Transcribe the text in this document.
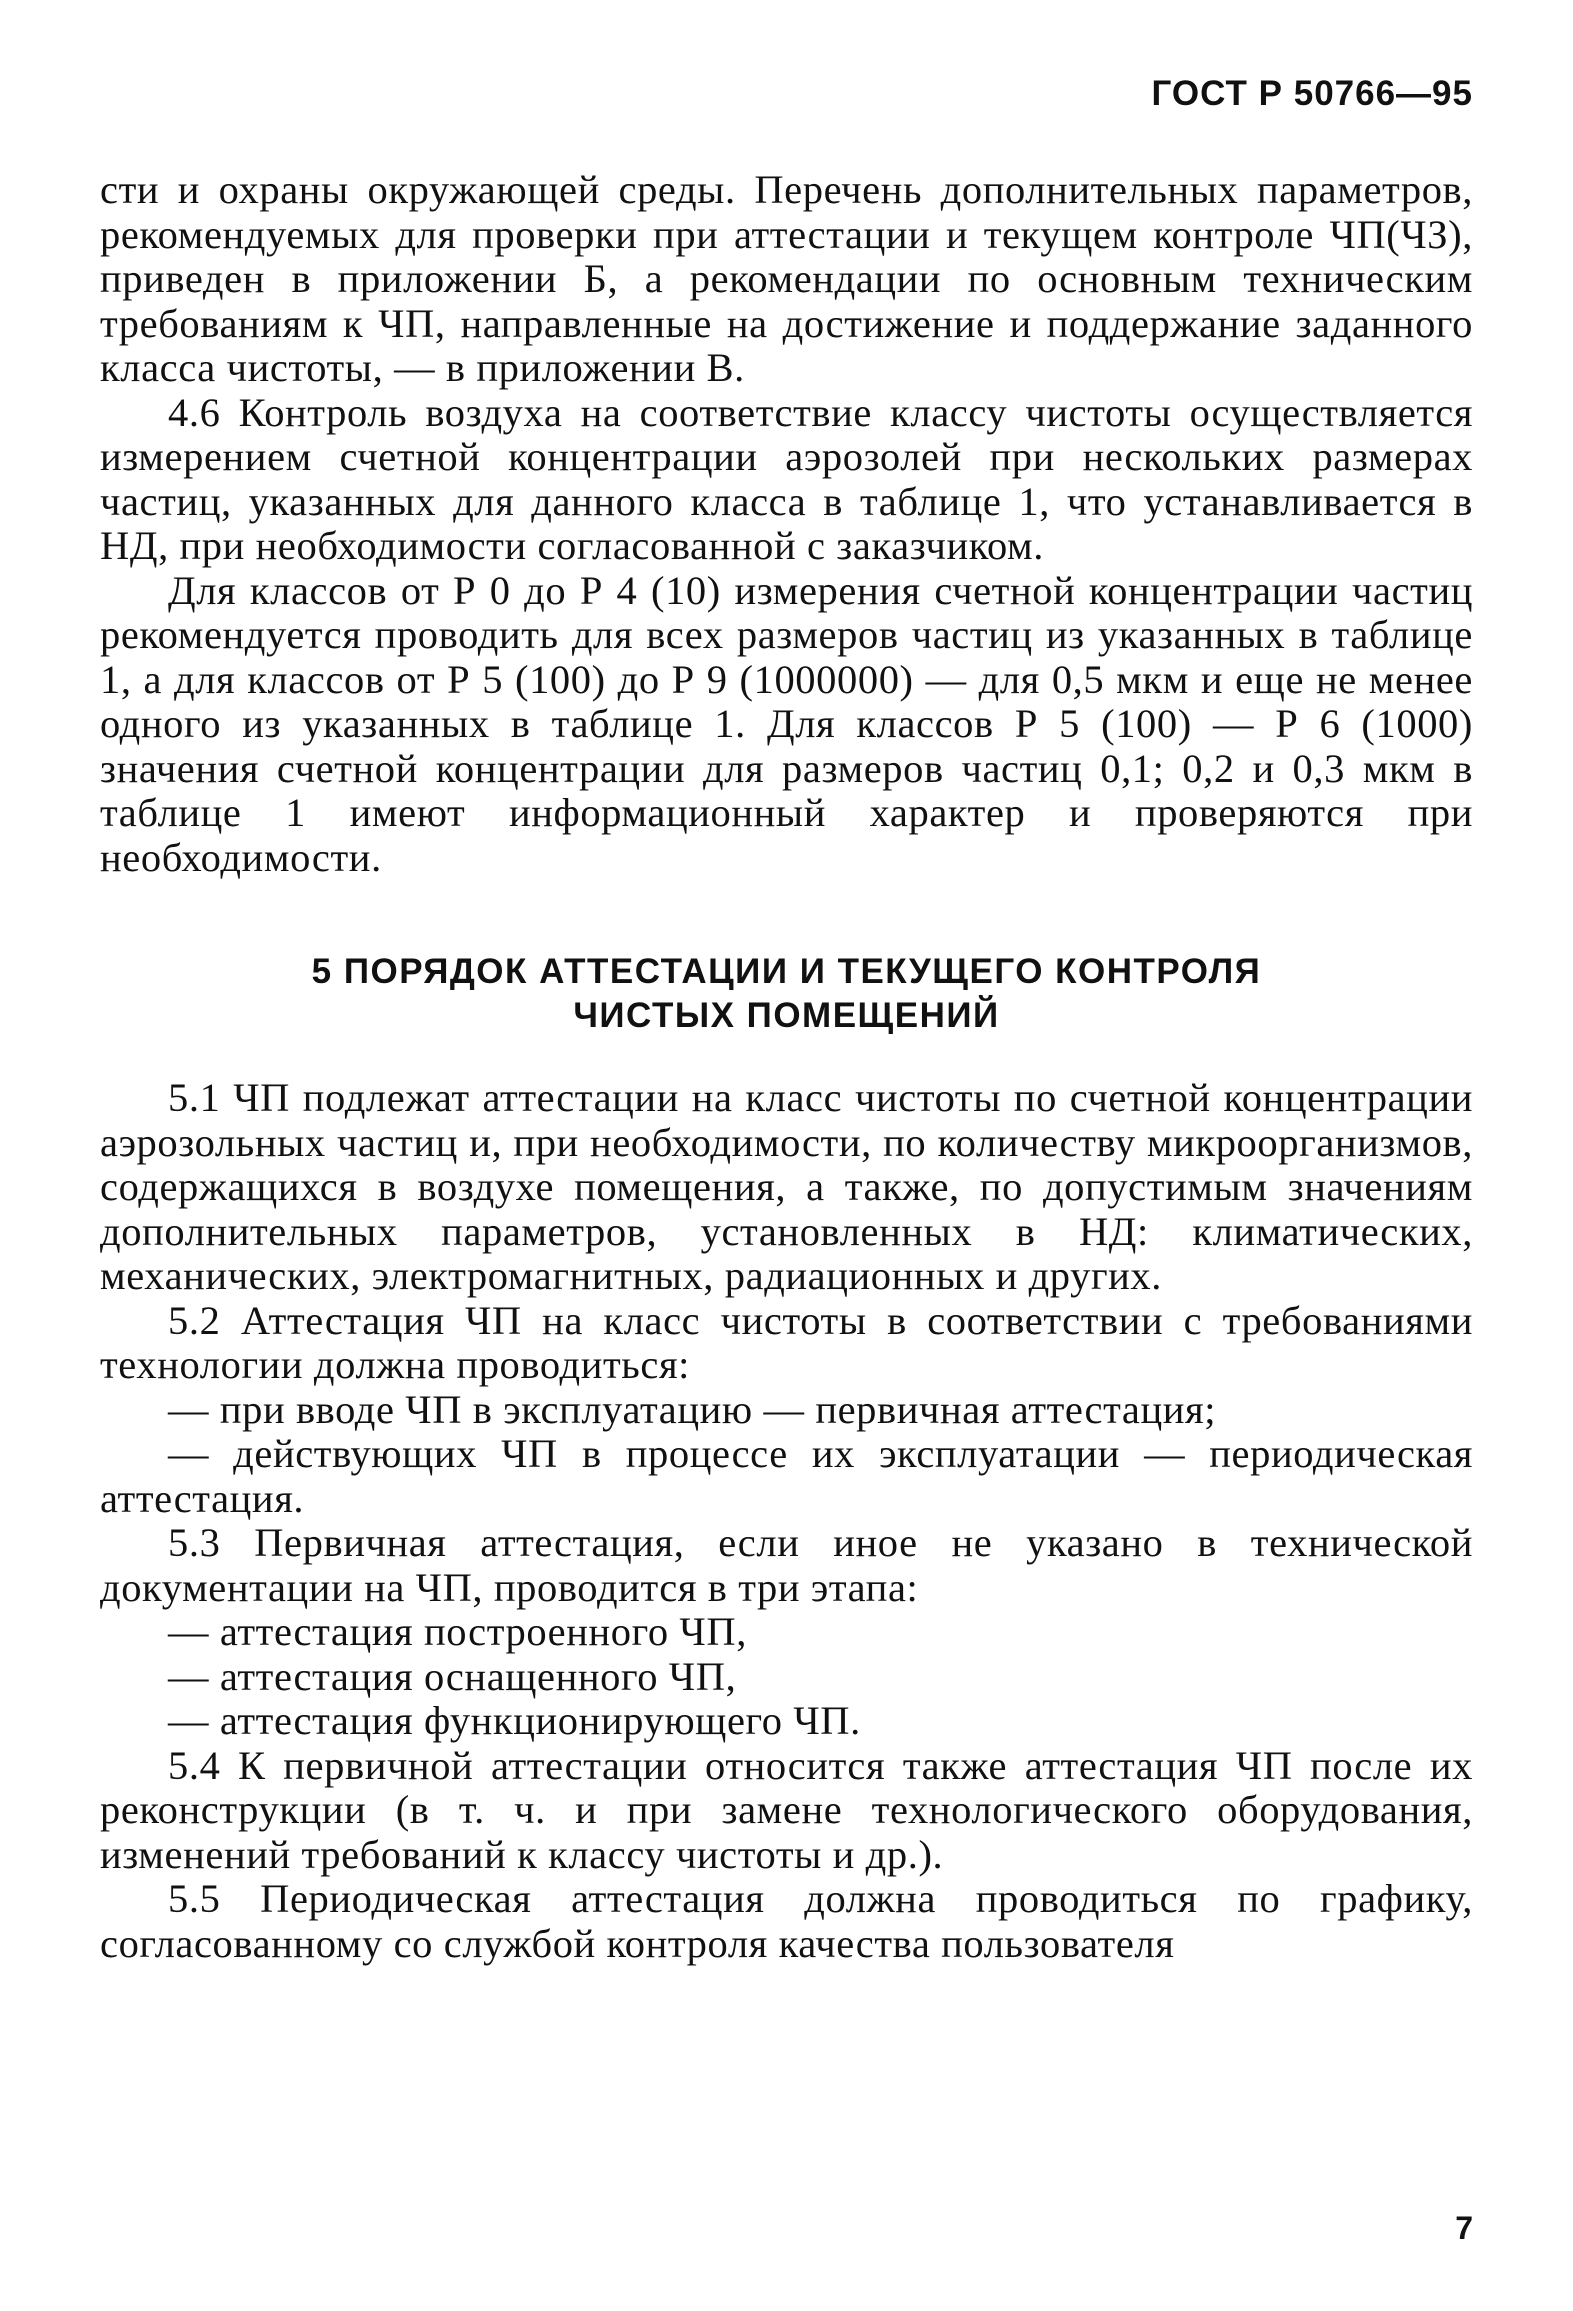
ГОСТ Р 50766—95

сти и охраны окружающей среды. Перечень дополнительных параметров, рекомендуемых для проверки при аттестации и текущем контроле ЧП(ЧЗ), приведен в приложении Б, а рекомендации по основным техническим требованиям к ЧП, направленные на достижение и поддержание заданного класса чистоты, — в приложении В.

4.6 Контроль воздуха на соответствие классу чистоты осуществляется измерением счетной концентрации аэрозолей при нескольких размерах частиц, указанных для данного класса в таблице 1, что устанавливается в НД, при необходимости согласованной с заказчиком.

Для классов от Р 0 до Р 4 (10) измерения счетной концентрации частиц рекомендуется проводить для всех размеров частиц из указанных в таблице 1, а для классов от Р 5 (100) до Р 9 (1000000) — для 0,5 мкм и еще не менее одного из указанных в таблице 1. Для классов Р 5 (100) — Р 6 (1000) значения счетной концентрации для размеров частиц 0,1; 0,2 и 0,3 мкм в таблице 1 имеют информационный характер и проверяются при необходимости.

5 ПОРЯДОК АТТЕСТАЦИИ И ТЕКУЩЕГО КОНТРОЛЯ
ЧИСТЫХ ПОМЕЩЕНИЙ

5.1 ЧП подлежат аттестации на класс чистоты по счетной концентрации аэрозольных частиц и, при необходимости, по количеству микроорганизмов, содержащихся в воздухе помещения, а также, по допустимым значениям дополнительных параметров, установленных в НД: климатических, механических, электромагнитных, радиационных и других.

5.2 Аттестация ЧП на класс чистоты в соответствии с требованиями технологии должна проводиться:

— при вводе ЧП в эксплуатацию — первичная аттестация;

— действующих ЧП в процессе их эксплуатации — периодическая аттестация.

5.3 Первичная аттестация, если иное не указано в технической документации на ЧП, проводится в три этапа:

— аттестация построенного ЧП,

— аттестация оснащенного ЧП,

— аттестация функционирующего ЧП.

5.4 К первичной аттестации относится также аттестация ЧП после их реконструкции (в т. ч. и при замене технологического оборудования, изменений требований к классу чистоты и др.).

5.5 Периодическая аттестация должна проводиться по графику, согласованному со службой контроля качества пользователя

7
